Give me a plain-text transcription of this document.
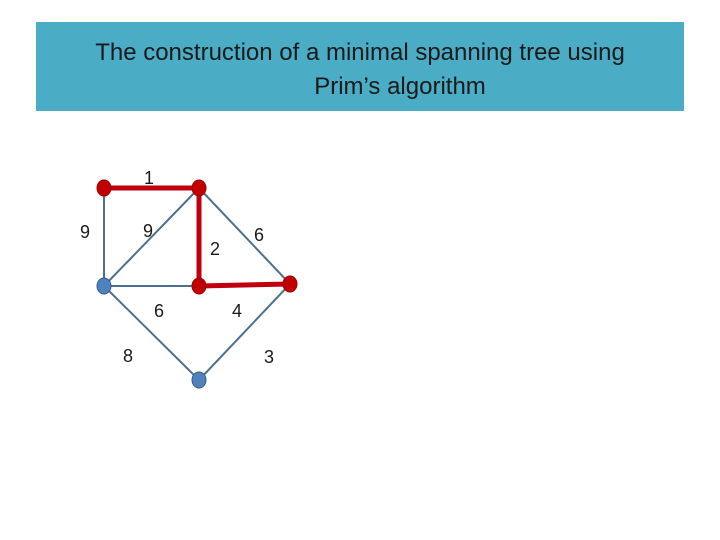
The construction of a minimal spanning tree using
Prim’s algorithm
1
9	9
2
6
6	4
8	3
